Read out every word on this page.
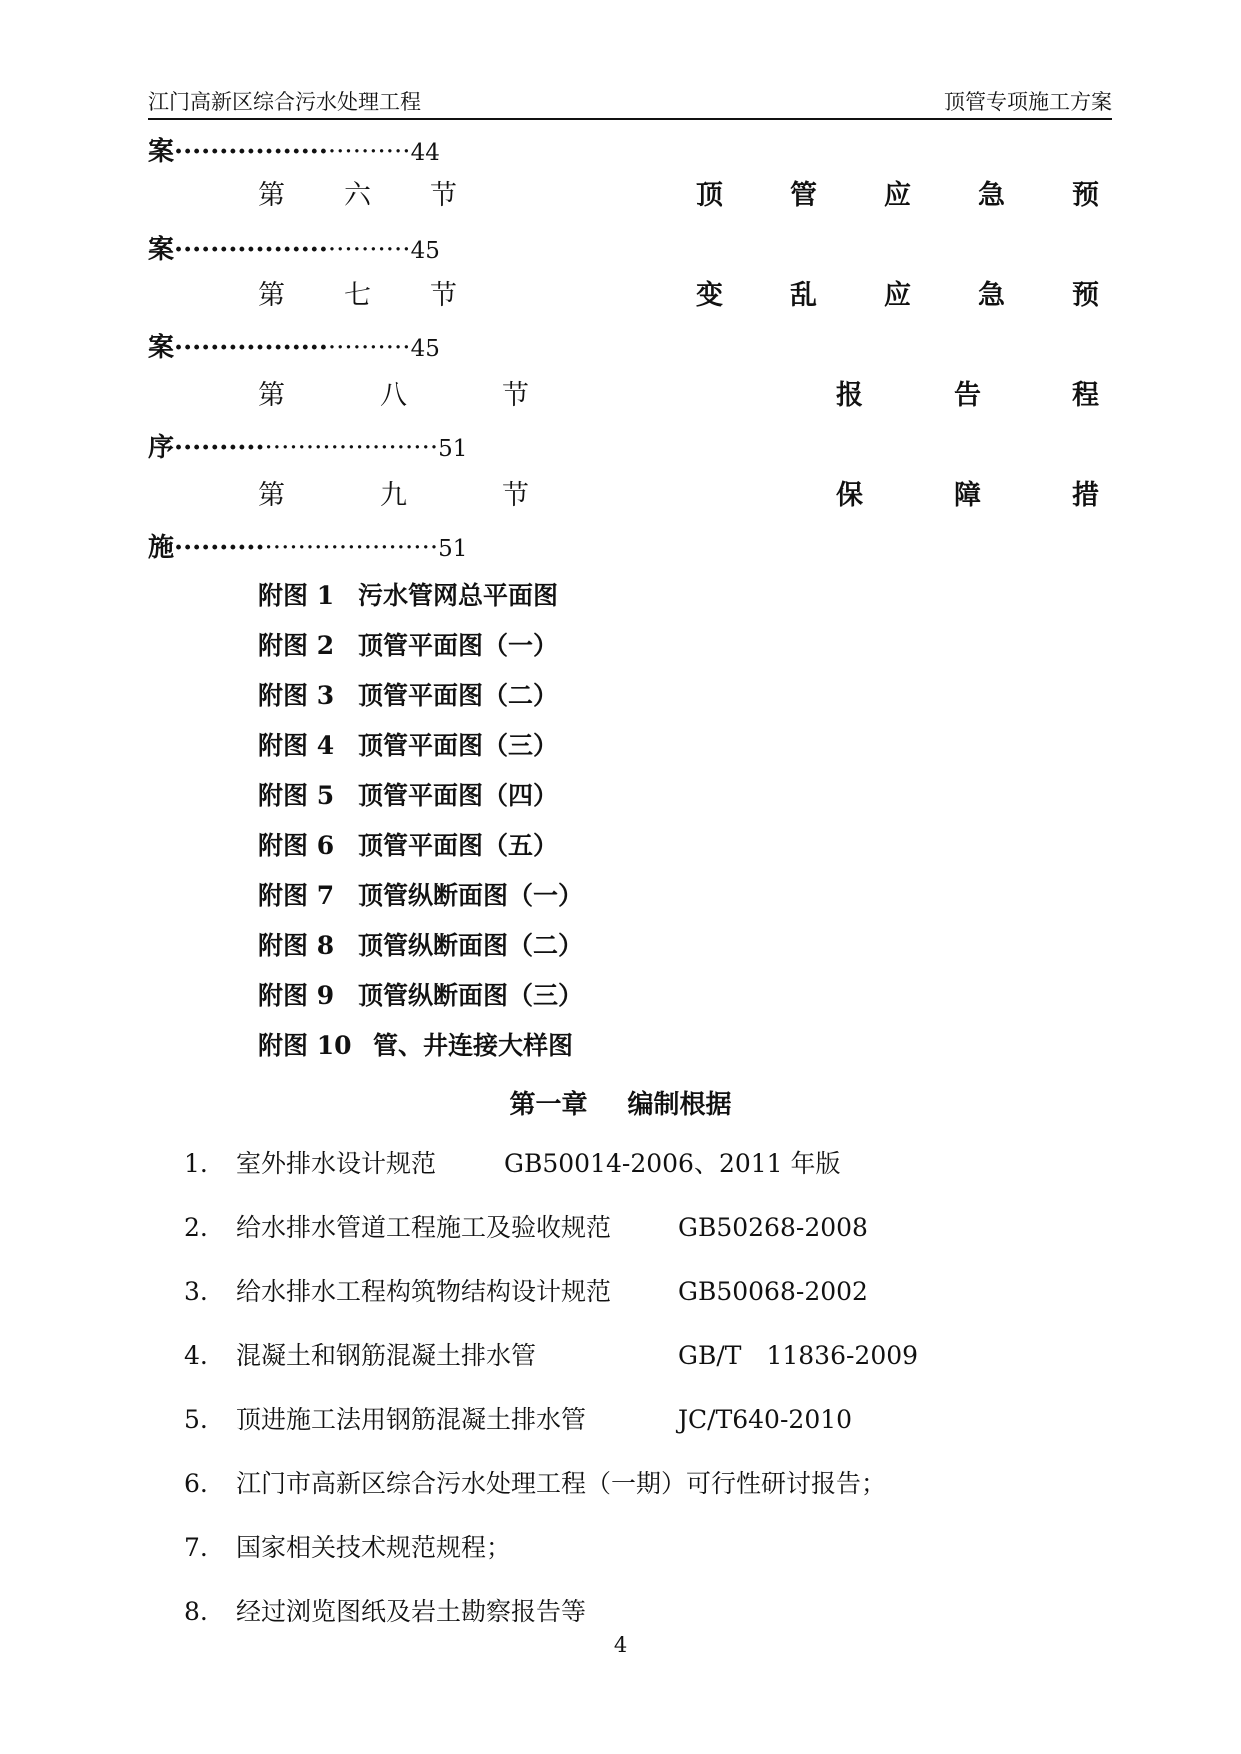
江门高新区综合污水处理工程	顶管专项施工方案
案···························44
第 六 节	顶 管 应 急 预
案···························45
第 七 节	变 乱 应 急 预
案···························45
第	八	节	报	告	程
序·······························51
第	九	节	保	障	措
施·······························51
附图 1 污水管网总平面图
附图 2 顶管平面图（一）
附图 3 顶管平面图（二）
附图 4 顶管平面图（三）
附图 5 顶管平面图（四）
附图 6 顶管平面图（五）
附图 7 顶管纵断面图（一）
附图 8 顶管纵断面图（二）
附图 9 顶管纵断面图（三）
附图 10 管、井连接大样图
第一章 编制根据
1. 室外排水设计规范	GB50014-2006、2011 年版
2. 给水排水管道工程施工及验收规范	GB50268-2008
3. 给水排水工程构筑物结构设计规范	GB50068-2002
4. 混凝土和钢筋混凝土排水管	GB/T　11836-2009
5. 顶进施工法用钢筋混凝土排水管	JC/T640-2010
6. 江门市高新区综合污水处理工程（一期）可行性研讨报告；
7. 国家相关技术规范规程；
8. 经过浏览图纸及岩土勘察报告等
4
